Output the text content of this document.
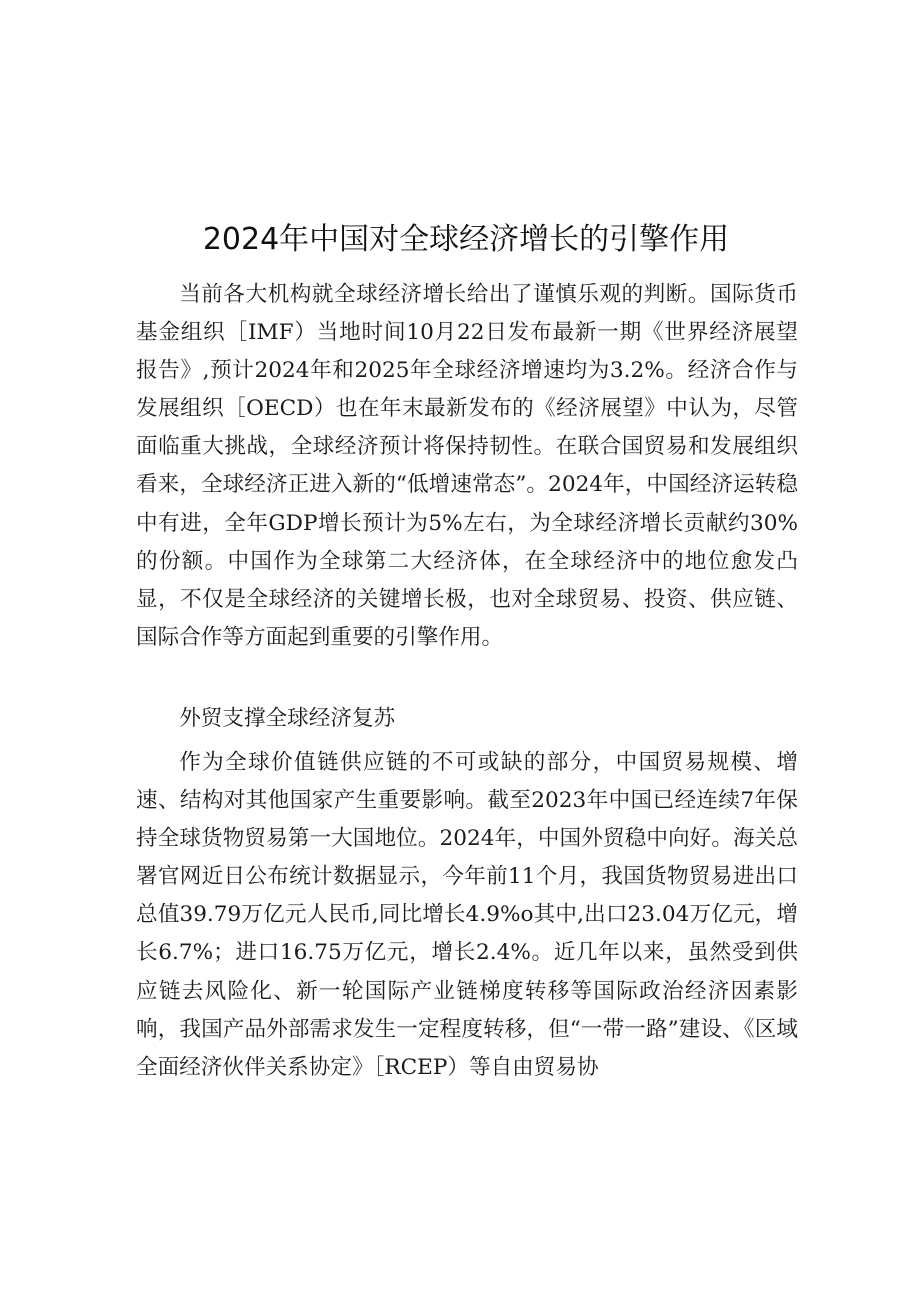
2024年中国对全球经济增长的引擎作用

当前各大机构就全球经济增长给出了谨慎乐观的判断。国际货币基金组织［IMF）当地时间10月22日发布最新一期《世界经济展望报告》,预计2024年和2025年全球经济增速均为3.2%。经济合作与发展组织［OECD）也在年末最新发布的《经济展望》中认为，尽管面临重大挑战，全球经济预计将保持韧性。在联合国贸易和发展组织看来，全球经济正进入新的“低增速常态”。2024年，中国经济运转稳中有进，全年GDP增长预计为5%左右，为全球经济增长贡献约30%的份额。中国作为全球第二大经济体，在全球经济中的地位愈发凸显，不仅是全球经济的关键增长极，也对全球贸易、投资、供应链、国际合作等方面起到重要的引擎作用。

外贸支撑全球经济复苏

作为全球价值链供应链的不可或缺的部分，中国贸易规模、增速、结构对其他国家产生重要影响。截至2023年中国已经连续7年保持全球货物贸易第一大国地位。2024年，中国外贸稳中向好。海关总署官网近日公布统计数据显示，今年前11个月，我国货物贸易进出口总值39.79万亿元人民币,同比增长4.9%o其中,出口23.04万亿元，增长6.7%；进口16.75万亿元，增长2.4%。近几年以来，虽然受到供应链去风险化、新一轮国际产业链梯度转移等国际政治经济因素影响，我国产品外部需求发生一定程度转移，但“一带一路”建设、《区域全面经济伙伴关系协定》［RCEP）等自由贸易协
